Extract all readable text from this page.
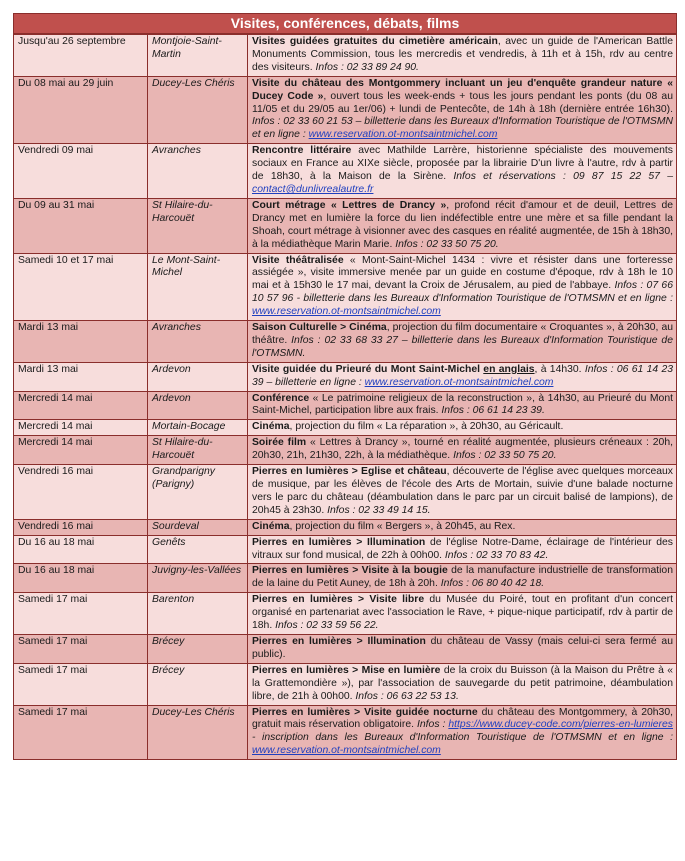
Visites, conférences, débats, films
Jusqu'au 26 septembre	Montjoie-Saint-Martin	Visites guidées gratuites du cimetière américain, avec un guide de l'American Battle Monuments Commission, tous les mercredis et vendredis, à 11h et à 15h, rdv au centre des visiteurs. Infos : 02 33 89 24 90.
Du 08 mai au 29 juin	Ducey-Les Chéris	Visite du château des Montgommery incluant un jeu d'enquête grandeur nature « Ducey Code », ouvert tous les week-ends + tous les jours pendant les ponts (du 08 au 11/05 et du 29/05 au 1er/06) + lundi de Pentecôte, de 14h à 18h (dernière entrée 16h30). Infos : 02 33 60 21 53 – billetterie dans les Bureaux d'Information Touristique de l'OTMSMN et en ligne : www.reservation.ot-montsaintmichel.com
Vendredi 09 mai	Avranches	Rencontre littéraire avec Mathilde Larrère, historienne spécialiste des mouvements sociaux en France au XIXe siècle, proposée par la librairie D'un livre à l'autre, rdv à partir de 18h30, à la Maison de la Sirène. Infos et réservations : 09 87 15 22 57 – contact@dunlivrealautre.fr
Du 09 au 31 mai	St Hilaire-du-Harcouët	Court métrage « Lettres de Drancy », profond récit d'amour et de deuil, Lettres de Drancy met en lumière la force du lien indéfectible entre une mère et sa fille pendant la Shoah, court métrage à visionner avec des casques en réalité augmentée, de 15h à 18h30, à la médiathèque Marin Marie. Infos : 02 33 50 75 20.
Samedi 10 et 17 mai	Le Mont-Saint-Michel	Visite théâtralisée « Mont-Saint-Michel 1434 : vivre et résister dans une forteresse assiégée », visite immersive menée par un guide en costume d'époque, rdv à 18h le 10 mai et à 15h30 le 17 mai, devant la Croix de Jérusalem, au pied de l'abbaye. Infos : 07 66 10 57 96 - billetterie dans les Bureaux d'Information Touristique de l'OTMSMN et en ligne : www.reservation.ot-montsaintmichel.com
Mardi 13 mai	Avranches	Saison Culturelle > Cinéma, projection du film documentaire « Croquantes », à 20h30, au théâtre. Infos : 02 33 68 33 27 – billetterie dans les Bureaux d'Information Touristique de l'OTMSMN.
Mardi 13 mai	Ardevon	Visite guidée du Prieuré du Mont Saint-Michel en anglais, à 14h30. Infos : 06 61 14 23 39 – billetterie en ligne : www.reservation.ot-montsaintmichel.com
Mercredi 14 mai	Ardevon	Conférence « Le patrimoine religieux de la reconstruction », à 14h30, au Prieuré du Mont Saint-Michel, participation libre aux frais. Infos : 06 61 14 23 39.
Mercredi 14 mai	Mortain-Bocage	Cinéma, projection du film « La réparation », à 20h30, au Géricault.
Mercredi 14 mai	St Hilaire-du-Harcouët	Soirée film « Lettres à Drancy », tourné en réalité augmentée, plusieurs créneaux : 20h, 20h30, 21h, 21h30, 22h, à la médiathèque. Infos : 02 33 50 75 20.
Vendredi 16 mai	Grandparigny (Parigny)	Pierres en lumières > Eglise et château, découverte de l'église avec quelques morceaux de musique, par les élèves de l'école des Arts de Mortain, suivie d'une balade nocturne vers le parc du château (déambulation dans le parc par un circuit balisé de lampions), de 20h45 à 23h30. Infos : 02 33 49 14 15.
Vendredi 16 mai	Sourdeval	Cinéma, projection du film « Bergers », à 20h45, au Rex.
Du 16 au 18 mai	Genêts	Pierres en lumières > Illumination de l'église Notre-Dame, éclairage de l'intérieur des vitraux sur fond musical, de 22h à 00h00. Infos : 02 33 70 83 42.
Du 16 au 18 mai	Juvigny-les-Vallées	Pierres en lumières > Visite à la bougie de la manufacture industrielle de transformation de la laine du Petit Auney, de 18h à 20h. Infos : 06 80 40 42 18.
Samedi 17 mai	Barenton	Pierres en lumières > Visite libre du Musée du Poiré, tout en profitant d'un concert organisé en partenariat avec l'association le Rave, + pique-nique participatif, rdv à partir de 18h. Infos : 02 33 59 56 22.
Samedi 17 mai	Brécey	Pierres en lumières > Illumination du château de Vassy (mais celui-ci sera fermé au public).
Samedi 17 mai	Brécey	Pierres en lumières > Mise en lumière de la croix du Buisson (à la Maison du Prêtre à « la Grattemondière »), par l'association de sauvegarde du petit patrimoine, déambulation libre, de 21h à 00h00. Infos : 06 63 22 53 13.
Samedi 17 mai	Ducey-Les Chéris	Pierres en lumières > Visite guidée nocturne du château des Montgommery, à 20h30, gratuit mais réservation obligatoire. Infos : https://www.ducey-code.com/pierres-en-lumieres - inscription dans les Bureaux d'Information Touristique de l'OTMSMN et en ligne : www.reservation.ot-montsaintmichel.com
